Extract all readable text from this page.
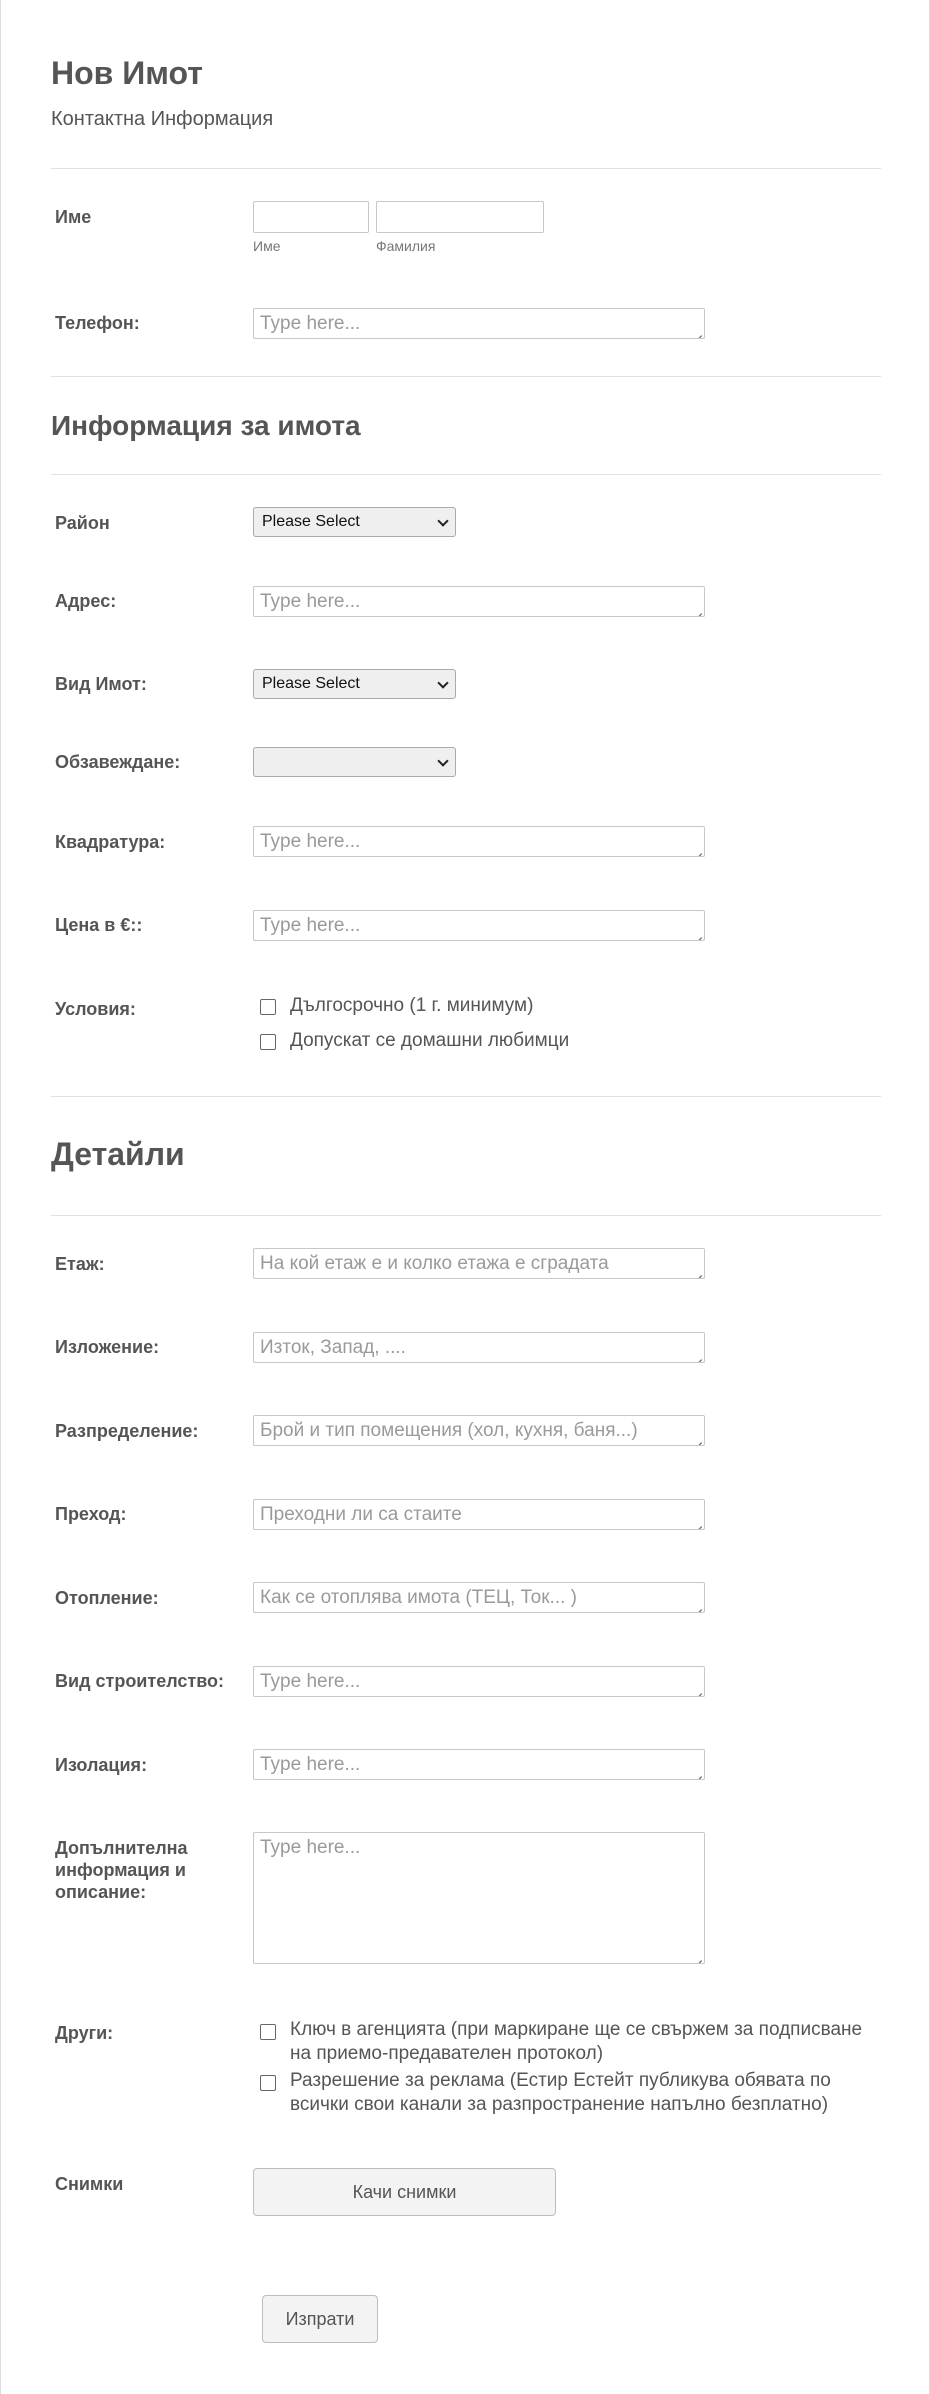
Нов Имот
Контактна Информация
Име
Име	Фамилия
Телефон:	Type here...
Информация за имота
Район	Please Select
Адрес:	Type here...
Вид Имот:	Please Select
Обзавеждане:
Квадратура:	Type here...
Цена в €::	Type here...
Условия:	Дългосрочно (1 г. минимум)
Допускат се домашни любимци
Детайли
Етаж:	На кой етаж е и колко етажа е сградата
Изложение:	Изток, Запад, ....
Разпределение:	Брой и тип помещения (хол, кухня, баня...)
Преход:	Преходни ли са стаите
Отопление:	Как се отоплява имота (ТЕЦ, Ток... )
Вид строителство:	Type here...
Изолация:	Type here...
Допълнителна информация и описание:
Type here...
Други:	Ключ в агенцията (при маркиране ще се свържем за подписване на приемо-предавателен протокол)
Разрешение за реклама (Естир Естейт публикува обявата по всички свои канали за разпространение напълно безплатно)
Снимки	Качи снимки
Изпрати
